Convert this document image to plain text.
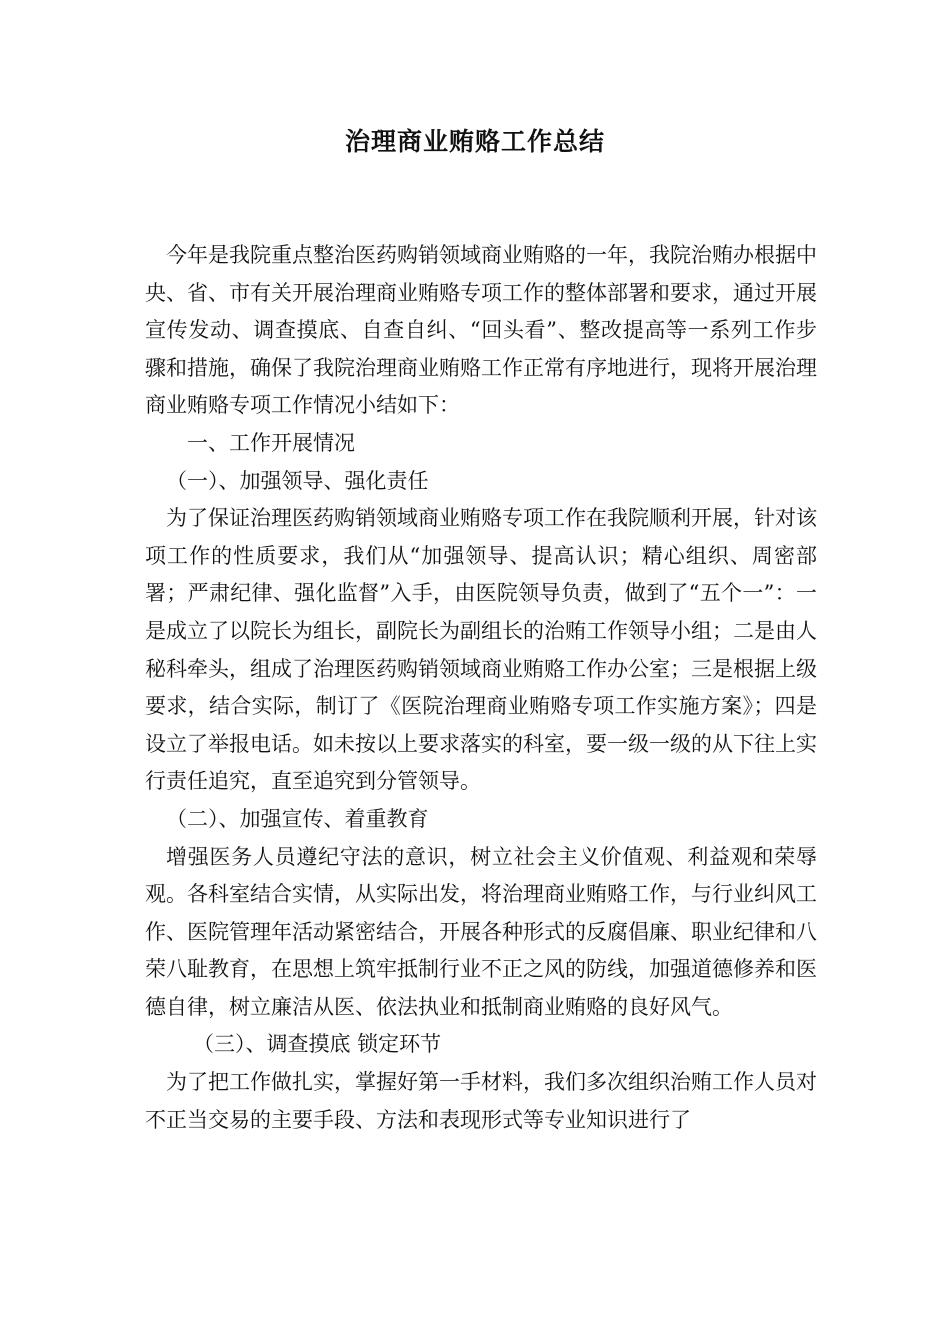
治理商业贿赂工作总结

今年是我院重点整治医药购销领域商业贿赂的一年，我院治贿办根据中央、省、市有关开展治理商业贿赂专项工作的整体部署和要求，通过开展宣传发动、调查摸底、自查自纠、“回头看”、整改提高等一系列工作步骤和措施，确保了我院治理商业贿赂工作正常有序地进行，现将开展治理商业贿赂专项工作情况小结如下：

一、工作开展情况

（一）、加强领导、强化责任

为了保证治理医药购销领域商业贿赂专项工作在我院顺利开展，针对该项工作的性质要求，我们从“加强领导、提高认识；精心组织、周密部署；严肃纪律、强化监督”入手，由医院领导负责，做到了“五个一”：一是成立了以院长为组长，副院长为副组长的治贿工作领导小组；二是由人秘科牵头，组成了治理医药购销领域商业贿赂工作办公室；三是根据上级要求，结合实际，制订了《医院治理商业贿赂专项工作实施方案》；四是设立了举报电话。如未按以上要求落实的科室，要一级一级的从下往上实行责任追究，直至追究到分管领导。

（二）、加强宣传、着重教育

增强医务人员遵纪守法的意识，树立社会主义价值观、利益观和荣辱观。各科室结合实情，从实际出发，将治理商业贿赂工作，与行业纠风工作、医院管理年活动紧密结合，开展各种形式的反腐倡廉、职业纪律和八荣八耻教育，在思想上筑牢抵制行业不正之风的防线，加强道德修养和医德自律，树立廉洁从医、依法执业和抵制商业贿赂的良好风气。

（三）、调查摸底 锁定环节

为了把工作做扎实，掌握好第一手材料，我们多次组织治贿工作人员对不正当交易的主要手段、方法和表现形式等专业知识进行了
